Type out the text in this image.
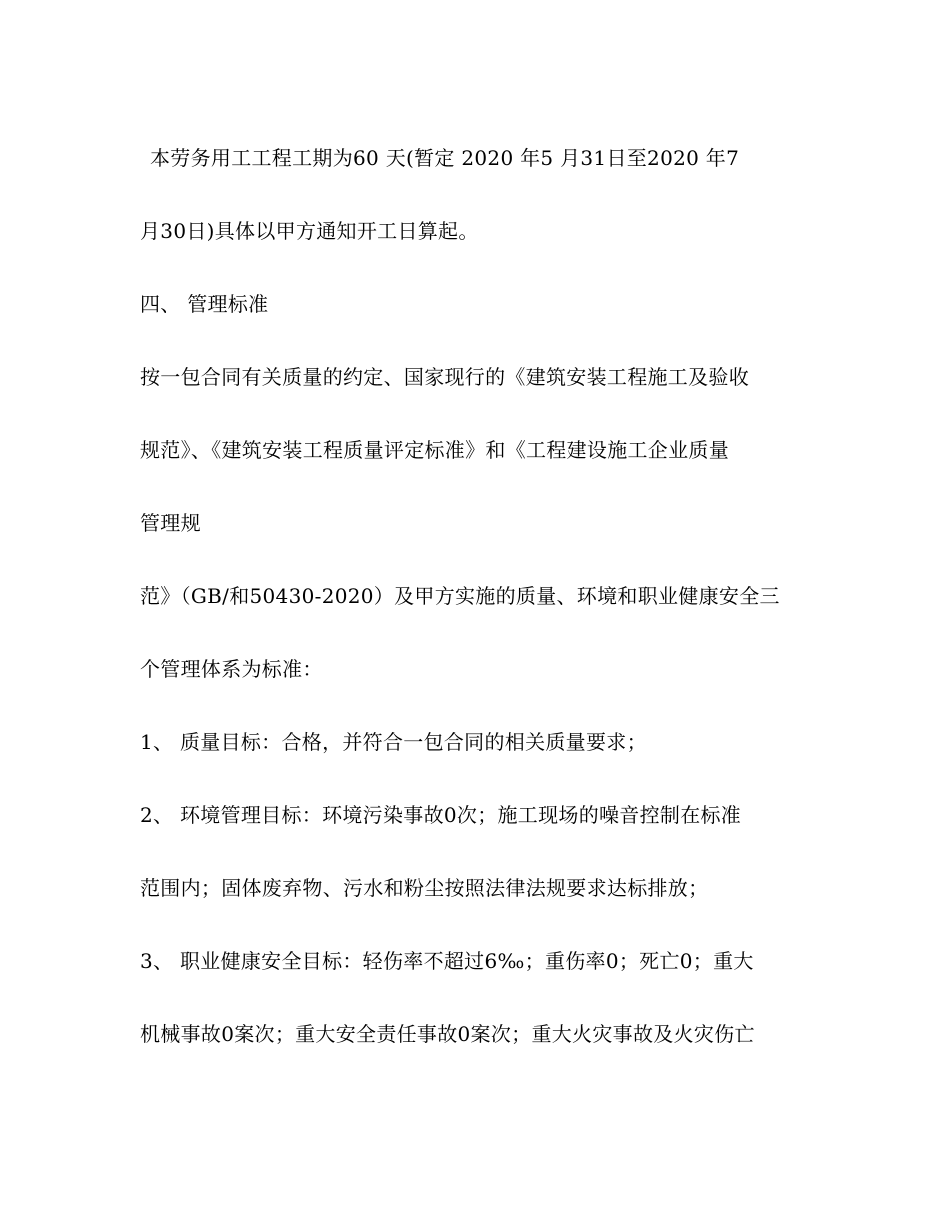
本劳务用工工程工期为60 天(暂定 2020 年5 月31日至2020 年7
月30日)具体以甲方通知开工日算起。
四、 管理标准
按一包合同有关质量的约定、国家现行的《建筑安装工程施工及验收
规范》、《建筑安装工程质量评定标准》和《工程建设施工企业质量
管理规
范》（GB/和50430-2020）及甲方实施的质量、环境和职业健康安全三
个管理体系为标准：
1、 质量目标：合格，并符合一包合同的相关质量要求；
2、 环境管理目标：环境污染事故0次；施工现场的噪音控制在标准
范围内；固体废弃物、污水和粉尘按照法律法规要求达标排放；
3、 职业健康安全目标：轻伤率不超过6‰；重伤率0；死亡0；重大
机械事故0案次；重大安全责任事故0案次；重大火灾事故及火灾伤亡
